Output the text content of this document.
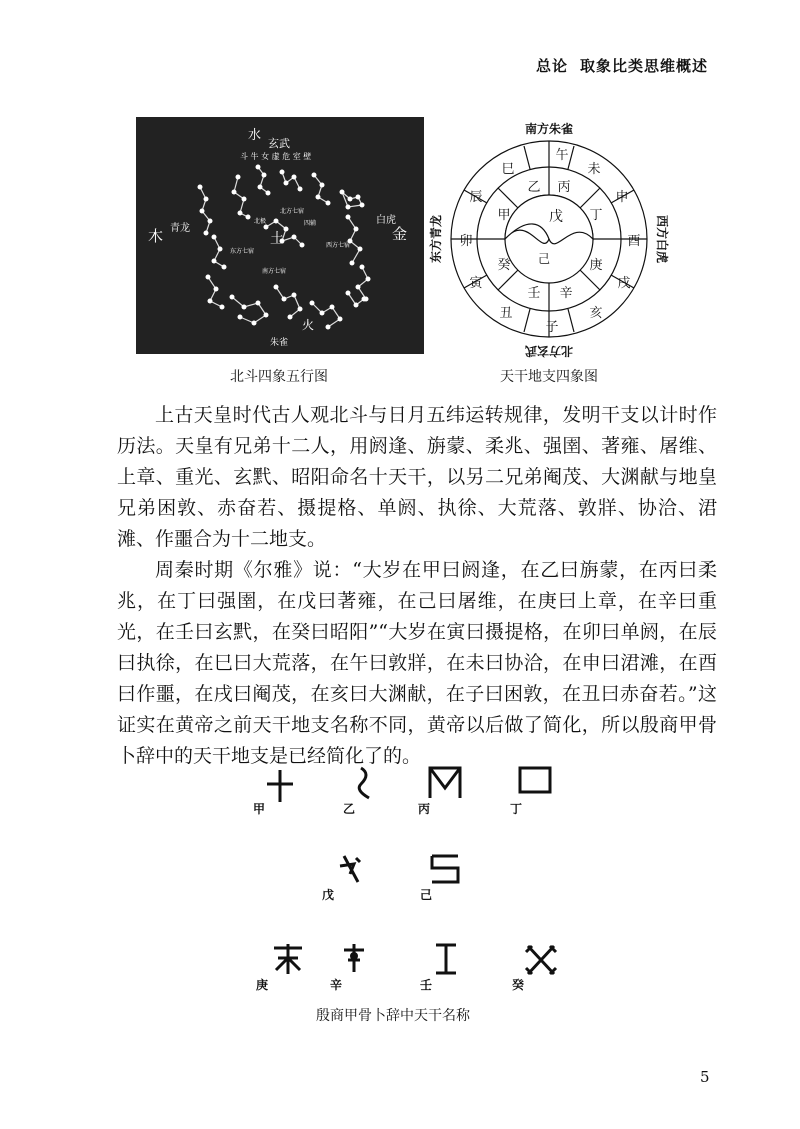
总论 取象比类思维概述
水
玄武
斗 牛 女 虚 危 室 壁
北方七宿
木 青龙	金
白虎
土
北极	四辅
东方七宿
西方七宿
南方七宿
火
朱雀
北斗四象五行图
南方朱雀
北方玄武
东方青龙	西方白虎
午
未
申
酉
戌
亥
子
丑
寅
卯
辰
巳
丙
丁
庚
辛
壬
癸
甲
乙
戊
己
天干地支四象图

上古天皇时代古人观北斗与日月五纬运转规律，发明干支以计时作历法。天皇有兄弟十二人，用阏逢、旃蒙、柔兆、强圉、著雍、屠维、上章、重光、玄黓、昭阳命名十天干，以另二兄弟阉茂、大渊献与地皇兄弟困敦、赤奋若、摄提格、单阏、执徐、大荒落、敦牂、协洽、涒滩、作噩合为十二地支。

周秦时期《尔雅》说：“大岁在甲曰阏逢，在乙曰旃蒙，在丙曰柔兆，在丁曰强圉，在戊曰著雍，在己曰屠维，在庚曰上章，在辛曰重光，在壬曰玄黓，在癸曰昭阳”“大岁在寅曰摄提格，在卯曰单阏，在辰曰执徐，在巳曰大荒落，在午曰敦牂，在未曰协洽，在申曰涒滩，在酉曰作噩，在戌曰阉茂，在亥曰大渊献，在子曰困敦，在丑曰赤奋若。”这证实在黄帝之前天干地支名称不同，黄帝以后做了简化，所以殷商甲骨卜辞中的天干地支是已经简化了的。

甲	乙	丙	丁
戊	己
庚	辛	壬	癸
殷商甲骨卜辞中天干名称
5
